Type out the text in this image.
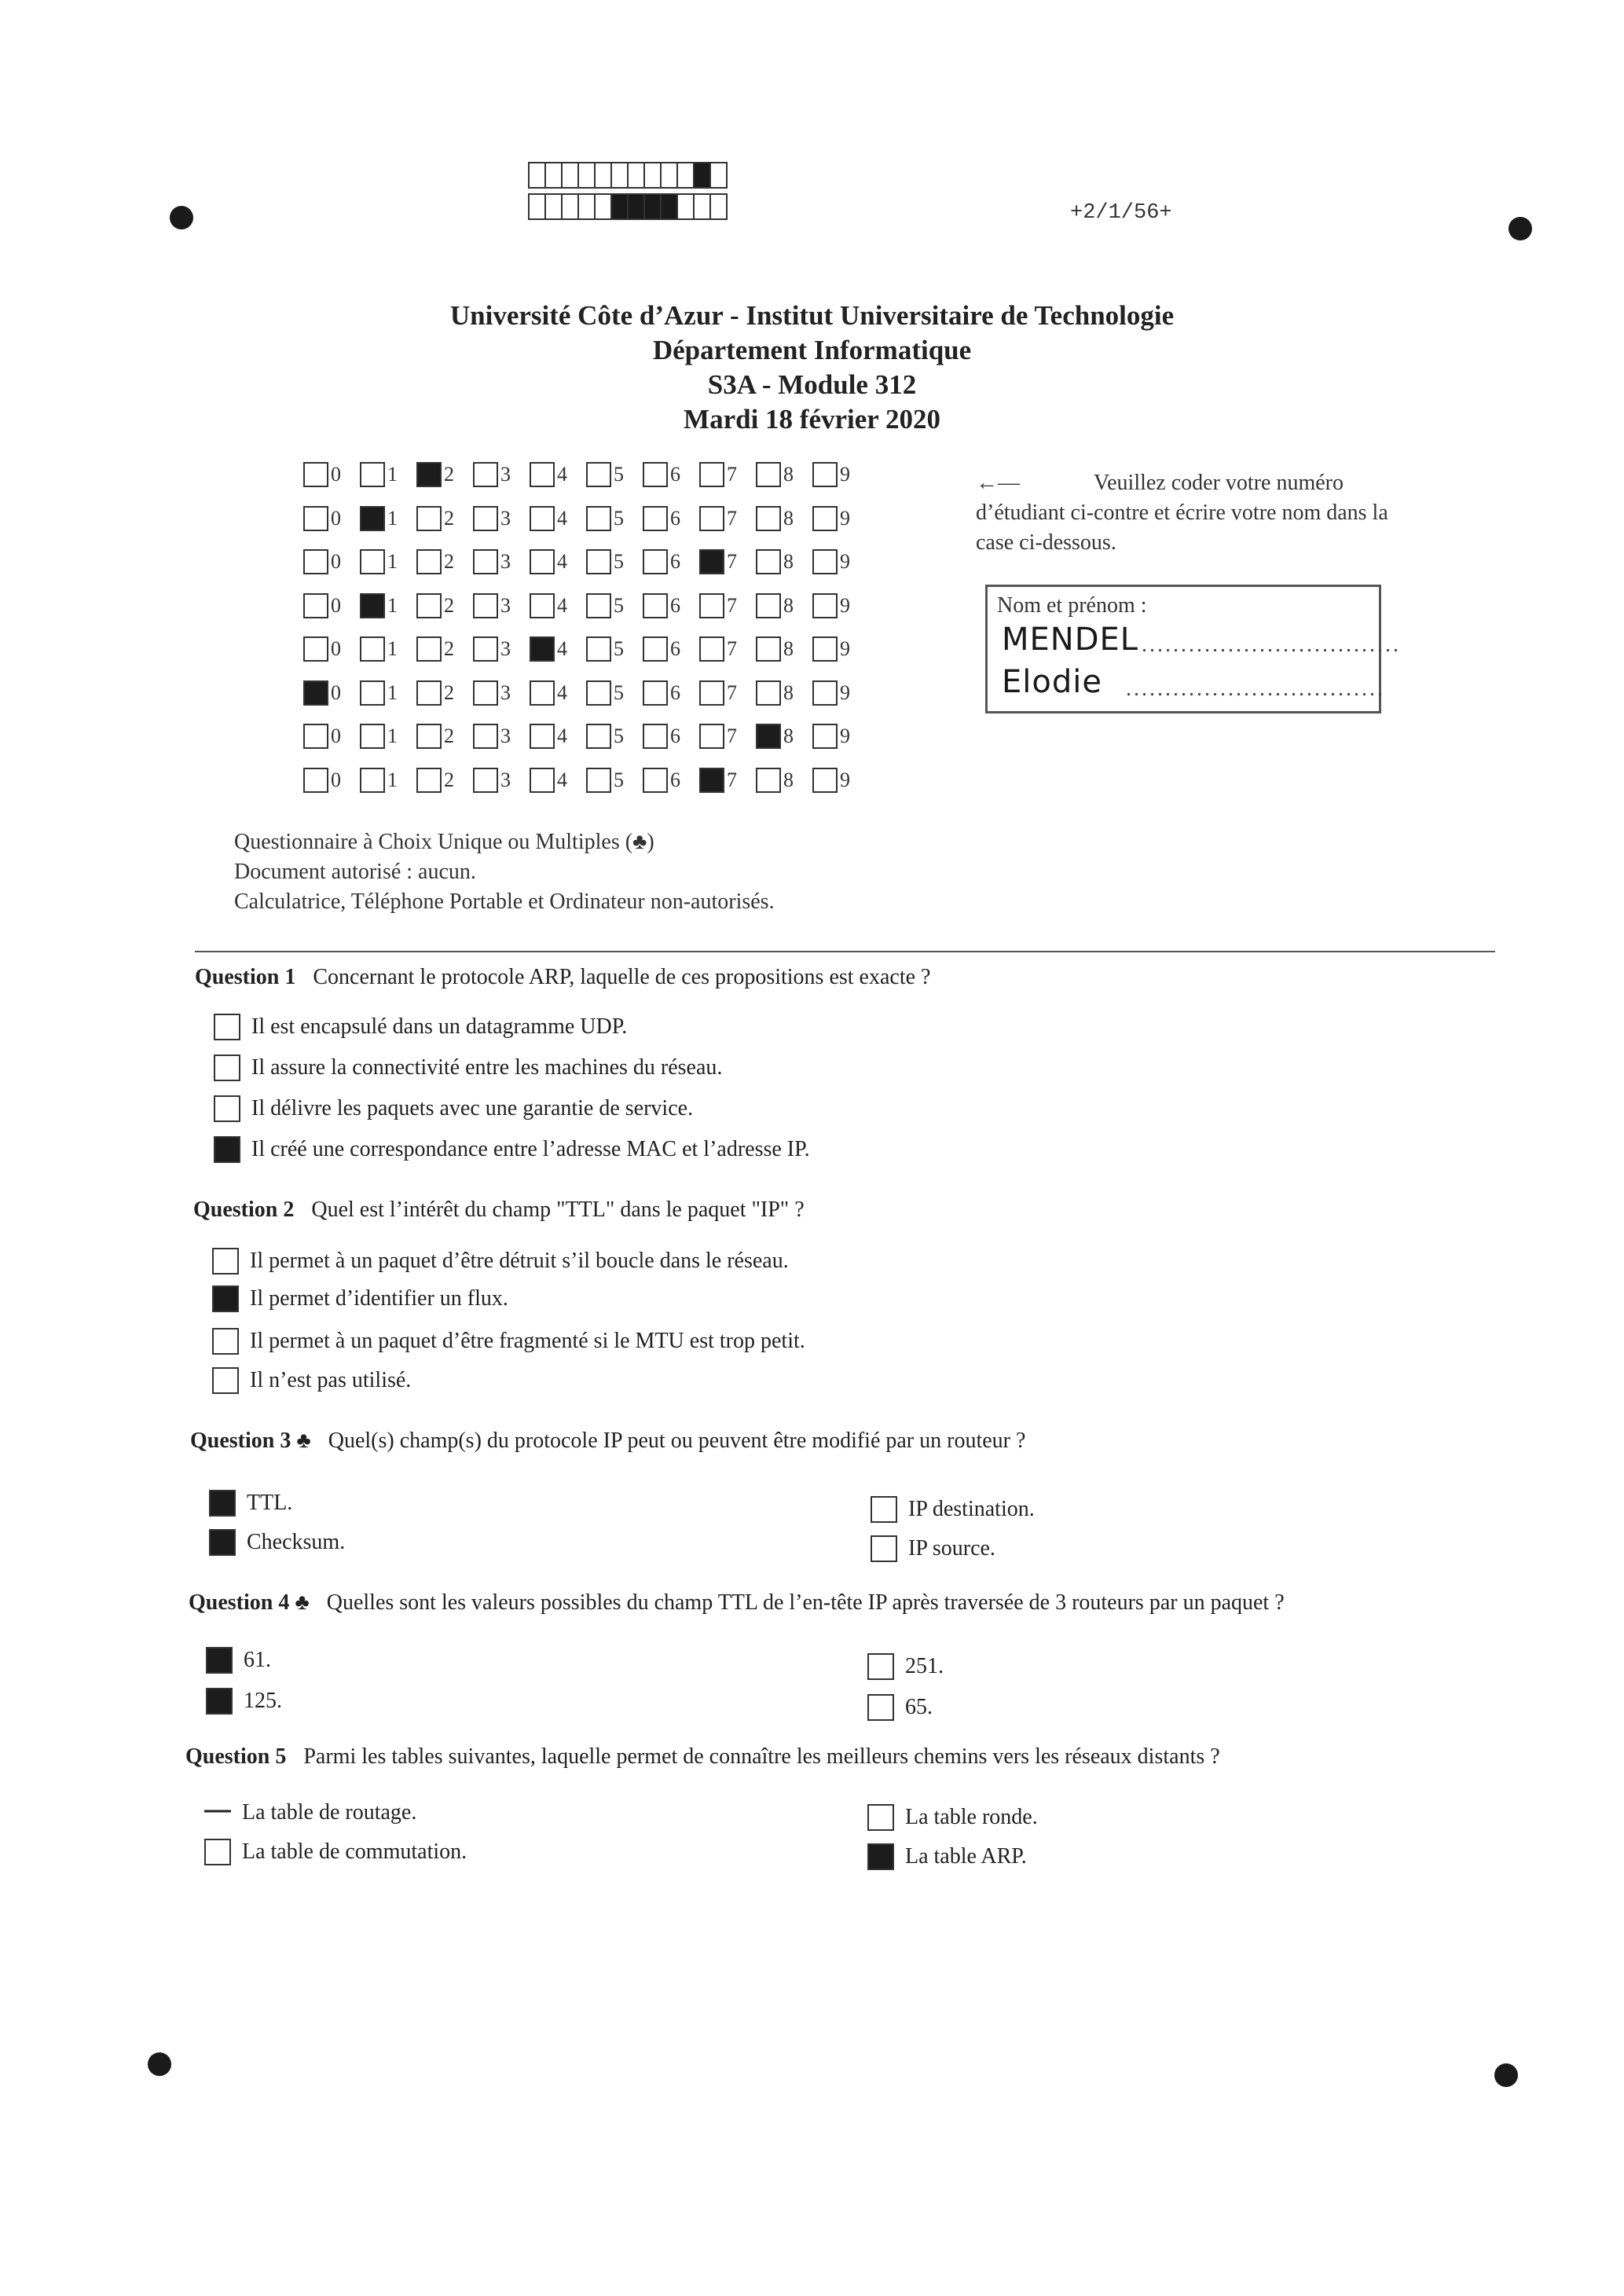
+2/1/56+
Université Côte d’Azur - Institut Universitaire de Technologie
Département Informatique
S3A - Module 312
Mardi 18 février 2020
0 1 2 3 4 5 6 7 8 9
0 1 2 3 4 5 6 7 8 9
0 1 2 3 4 5 6 7 8 9
0 1 2 3 4 5 6 7 8 9
0 1 2 3 4 5 6 7 8 9
0 1 2 3 4 5 6 7 8 9
0 1 2 3 4 5 6 7 8 9
0 1 2 3 4 5 6 7 8 9
←—	Veuillez coder votre numéro d’étudiant ci-contre et écrire votre nom dans la case ci-dessous.
Nom et prénom :
MENDEL .................................
Elodie .................................
Questionnaire à Choix Unique ou Multiples (♣)
Document autorisé : aucun.
Calculatrice, Téléphone Portable et Ordinateur non-autorisés.
Question 1 Concernant le protocole ARP, laquelle de ces propositions est exacte ?
Il est encapsulé dans un datagramme UDP.
Il assure la connectivité entre les machines du réseau.
Il délivre les paquets avec une garantie de service.
Il créé une correspondance entre l’adresse MAC et l’adresse IP.
Question 2 Quel est l’intérêt du champ "TTL" dans le paquet "IP" ?
Il permet à un paquet d’être détruit s’il boucle dans le réseau.
Il permet d’identifier un flux.
Il permet à un paquet d’être fragmenté si le MTU est trop petit.
Il n’est pas utilisé.
Question 3 ♣ Quel(s) champ(s) du protocole IP peut ou peuvent être modifié par un routeur ?
TTL.
Checksum.
IP destination.
IP source.
Question 4 ♣ Quelles sont les valeurs possibles du champ TTL de l’en-tête IP après traversée de 3 routeurs par un paquet ?
61.
125.
251.
65.
Question 5 Parmi les tables suivantes, laquelle permet de connaître les meilleurs chemins vers les réseaux distants ?
La table de routage.
La table de commutation.
La table ronde.
La table ARP.
